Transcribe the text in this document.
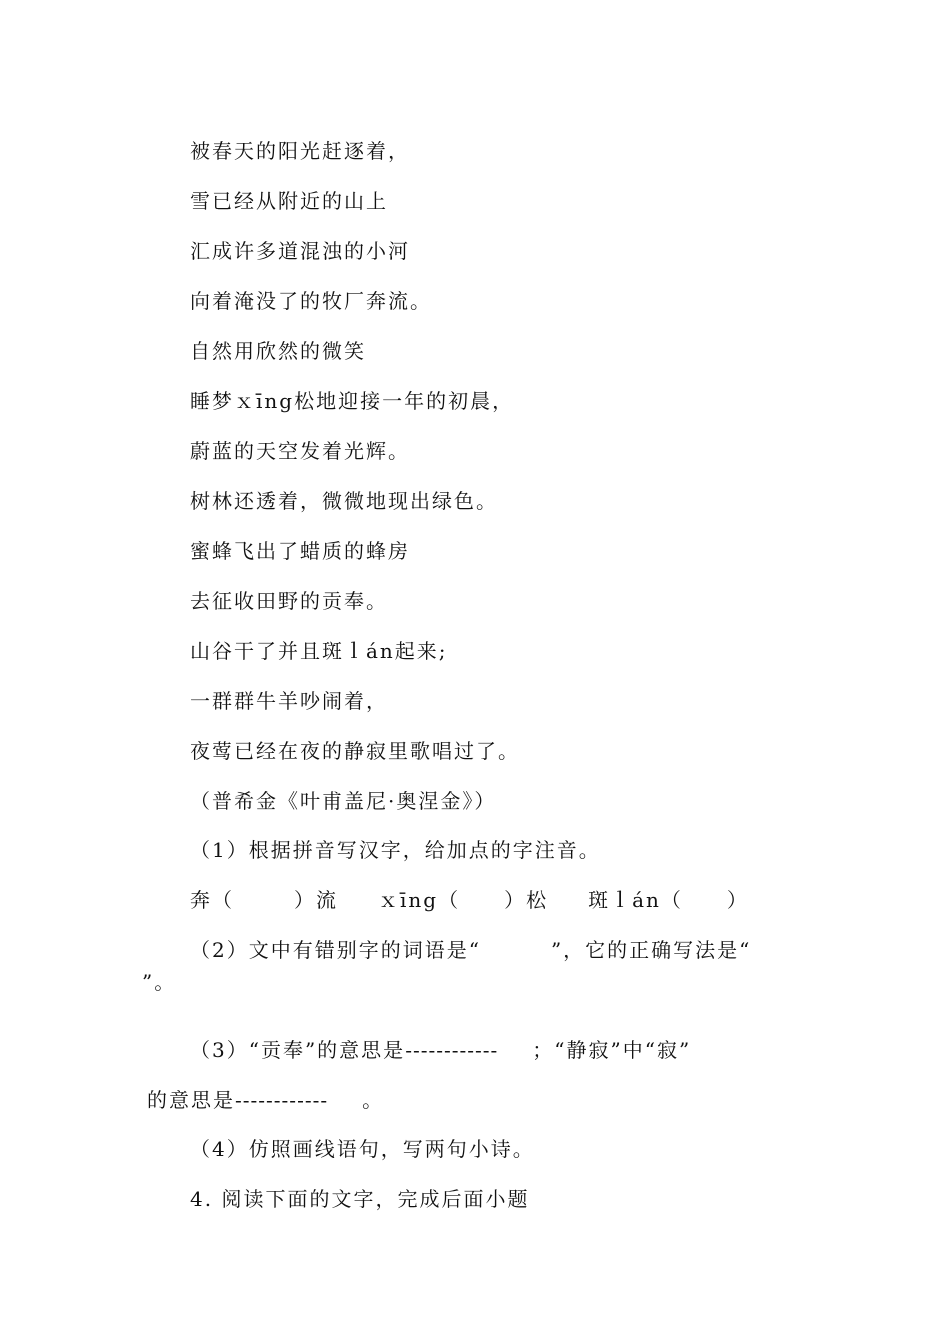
被春天的阳光赶逐着，
雪已经从附近的山上
汇成许多道混浊的小河
向着淹没了的牧厂奔流。
自然用欣然的微笑
睡梦ｘīng松地迎接一年的初晨，
蔚蓝的天空发着光辉。
树林还透着，微微地现出绿色。
蜜蜂飞出了蜡质的蜂房
去征收田野的贡奉。
山谷干了并且斑ｌán起来;
一群群牛羊吵闹着，
夜莺已经在夜的静寂里歌唱过了。
（普希金《叶甫盖尼·奥涅金》）
（1）根据拼音写汉字，给加点的字注音。
奔（	）流 ｘīng（ ）松 斑ｌán（ ）
（2）文中有错别字的词语是“	”，它的正确写法是“
”。
（3）“贡奉”的意思是------------ ；“静寂”中“寂”
的意思是------------ 。
（4）仿照画线语句，写两句小诗。
4. 阅读下面的文字，完成后面小题
